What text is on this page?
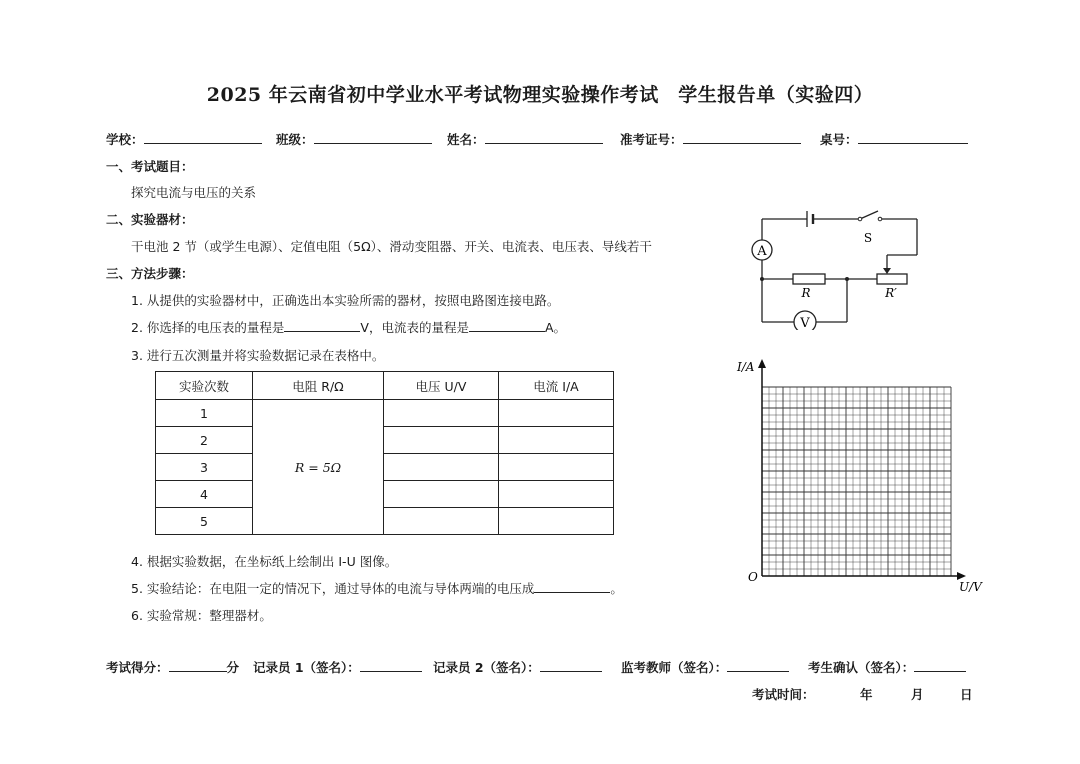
2025 年云南省初中学业水平考试物理实验操作考试　学生报告单（实验四）
学校：	班级：	姓名：	准考证号：	桌号：
一、考试题目：
探究电流与电压的关系
二、实验器材：
干电池 2 节（或学生电源）、定值电阻（5Ω）、滑动变阻器、开关、电流表、电压表、导线若干
三、方法步骤：
1. 从提供的实验器材中，正确选出本实验所需的器材，按照电路图连接电路。
2. 你选择的电压表的量程是	V，电流表的量程是	A。
3. 进行五次测量并将实验数据记录在表格中。
实验次数	电阻 R/Ω	电压 U/V	电流 I/A
1	R = 5Ω		
2			
3			
4			
5			
4. 根据实验数据，在坐标纸上绘制出 I-U 图像。
5. 实验结论：在电阻一定的情况下，通过导体的电流与导体两端的电压成	。
6. 实验常规：整理器材。
A
V
S
R	R′
I/A
U/V
O
考试得分：	分 记录员 1（签名）：	记录员 2（签名）：	监考教师（签名）：	考生确认（签名）：
考试时间：	年	月	日
